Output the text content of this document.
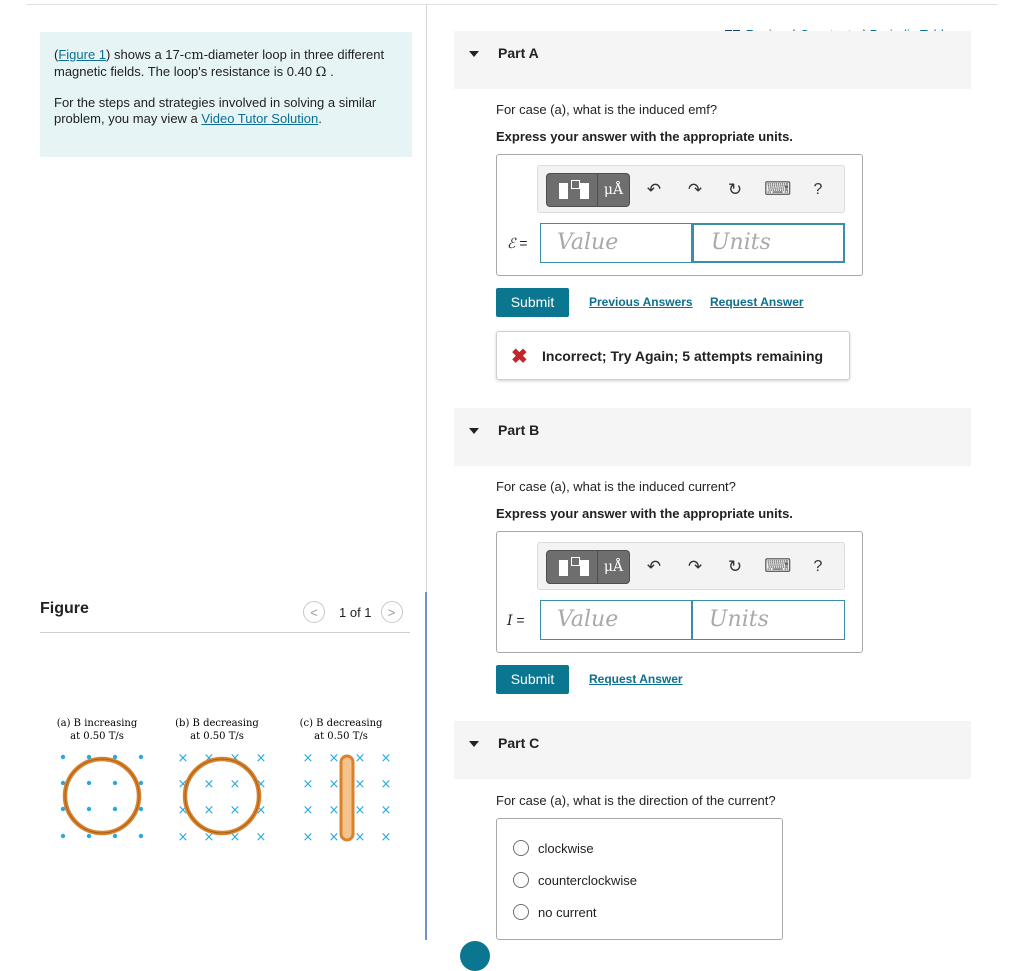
(Figure 1) shows a 17-cm-diameter loop in three different magnetic fields. The loop's resistance is 0.40 Ω .

For the steps and strategies involved in solving a similar problem, you may view a Video Tutor Solution.

Figure	< 1 of 1 >
(a) B increasing
at 0.50 T/s
(b) B decreasing
at 0.50 T/s
(c) B decreasing
at 0.50 T/s
× × × ×
× × × ×
× × × ×
× × × ×
× × × ×
× × × ×
× × × ×
× × × ×
Part A
For case (a), what is the induced emf?
Express your answer with the appropriate units.
μÅ	↶ ↷ ↻ ⌨	?
ℰ =	Value	Units
Submit	Previous Answers Request Answer
✖ Incorrect; Try Again; 5 attempts remaining
Part B
For case (a), what is the induced current?
Express your answer with the appropriate units.
μÅ	↶ ↷ ↻ ⌨	?
I =	Value	Units
Submit	Request Answer
Part C
For case (a), what is the direction of the current?
clockwise
counterclockwise
no current
